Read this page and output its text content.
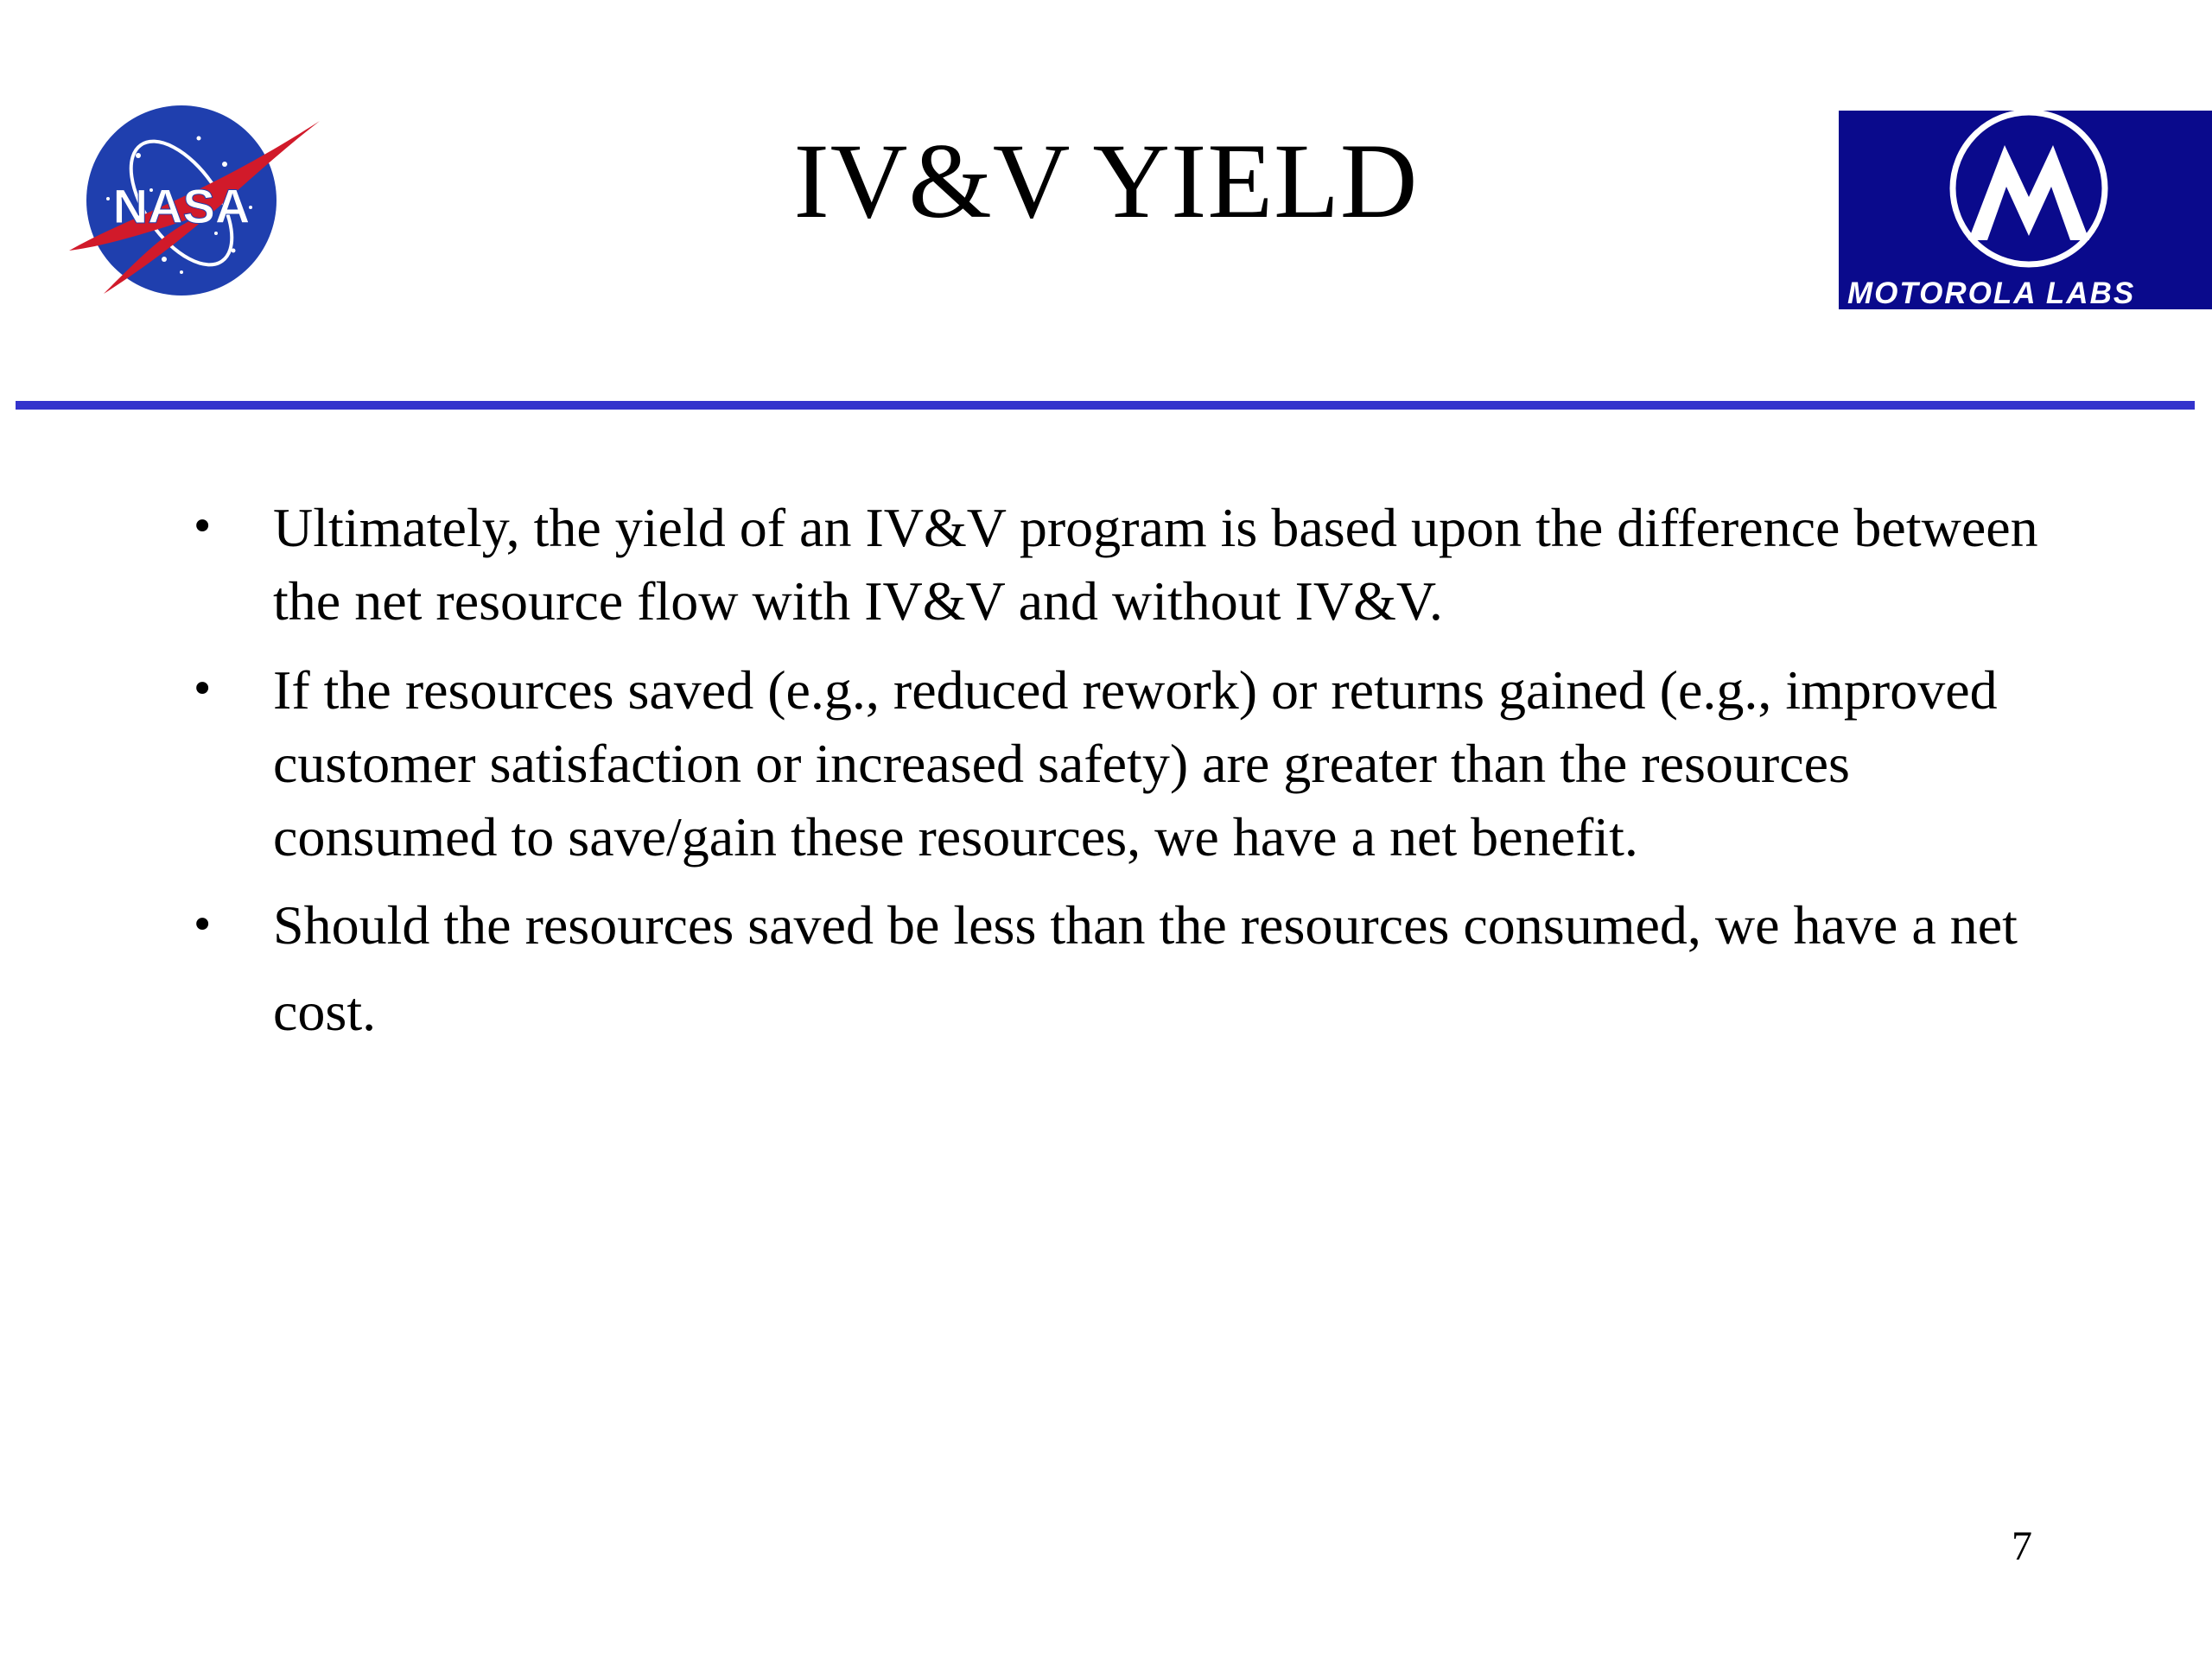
NASA	IV&V YIELD
MOTOROLA LABS
• Ultimately, the yield of an IV&V program is based upon the difference between the net resource flow with IV&V and without IV&V.
• If the resources saved (e.g., reduced rework) or returns gained (e.g., improved customer satisfaction or increased safety) are greater than the resources consumed to save/gain these resources, we have a net benefit.
• Should the resources saved be less than the resources consumed, we have a net cost.
7
